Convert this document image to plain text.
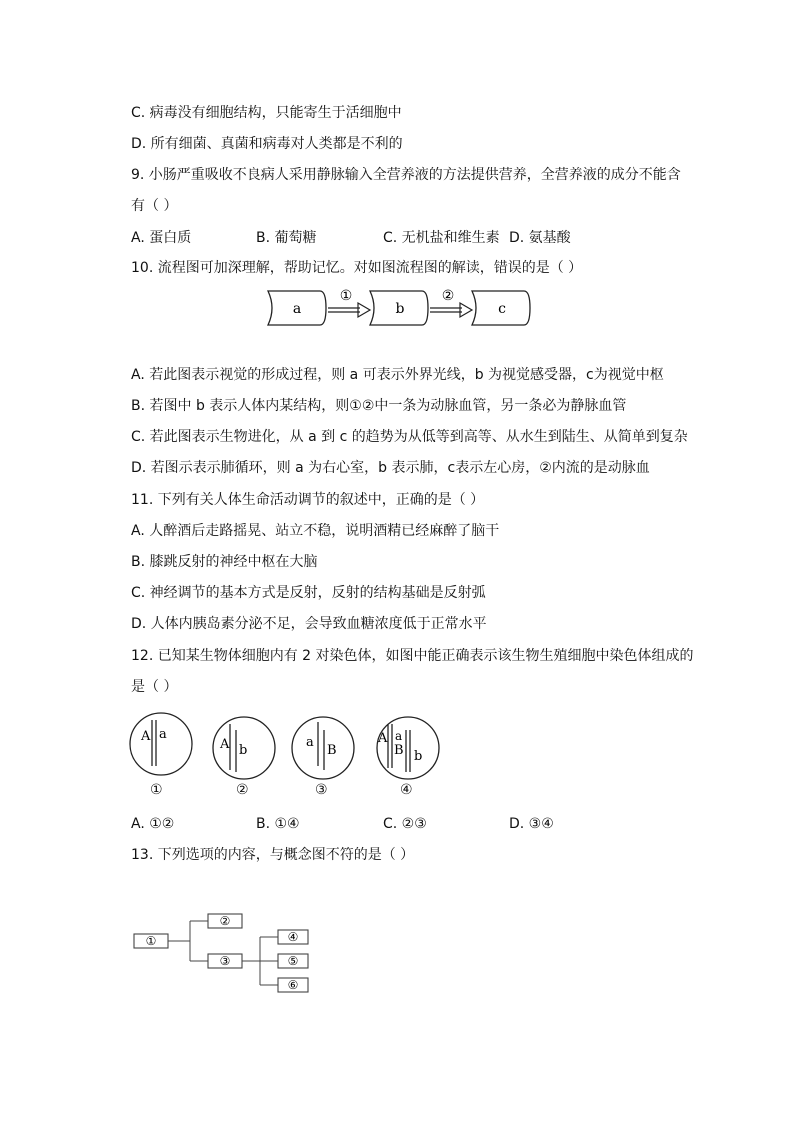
C. 病毒没有细胞结构，只能寄生于活细胞中
D. 所有细菌、真菌和病毒对人类都是不利的
9. 小肠严重吸收不良病人采用静脉输入全营养液的方法提供营养，全营养液的成分不能含
有（ ）
A. 蛋白质	B. 葡萄糖	C. 无机盐和维生素 D. 氨基酸
10. 流程图可加深理解，帮助记忆。对如图流程图的解读，错误的是（ ）
a
①
b
②
c
A. 若此图表示视觉的形成过程，则 a 可表示外界光线，b 为视觉感受器，c为视觉中枢
B. 若图中 b 表示人体内某结构，则①②中一条为动脉血管，另一条必为静脉血管
C. 若此图表示生物进化，从 a 到 c 的趋势为从低等到高等、从水生到陆生、从简单到复杂
D. 若图示表示肺循环，则 a 为右心室，b 表示肺，c表示左心房，②内流的是动脉血
11. 下列有关人体生命活动调节的叙述中，正确的是（ ）
A. 人醉酒后走路摇晃、站立不稳，说明酒精已经麻醉了脑干
B. 膝跳反射的神经中枢在大脑
C. 神经调节的基本方式是反射，反射的结构基础是反射弧
D. 人体内胰岛素分泌不足，会导致血糖浓度低于正常水平
12. 已知某生物体细胞内有 2 对染色体，如图中能正确表示该生物生殖细胞中染色体组成的
是（ ）
A a
A b
a
B
A a
B b
①	②	③	④
A. ①②	B. ①④	C. ②③	D. ③④
13. 下列选项的内容，与概念图不符的是（ ）
①
②
③
④
⑤
⑥
